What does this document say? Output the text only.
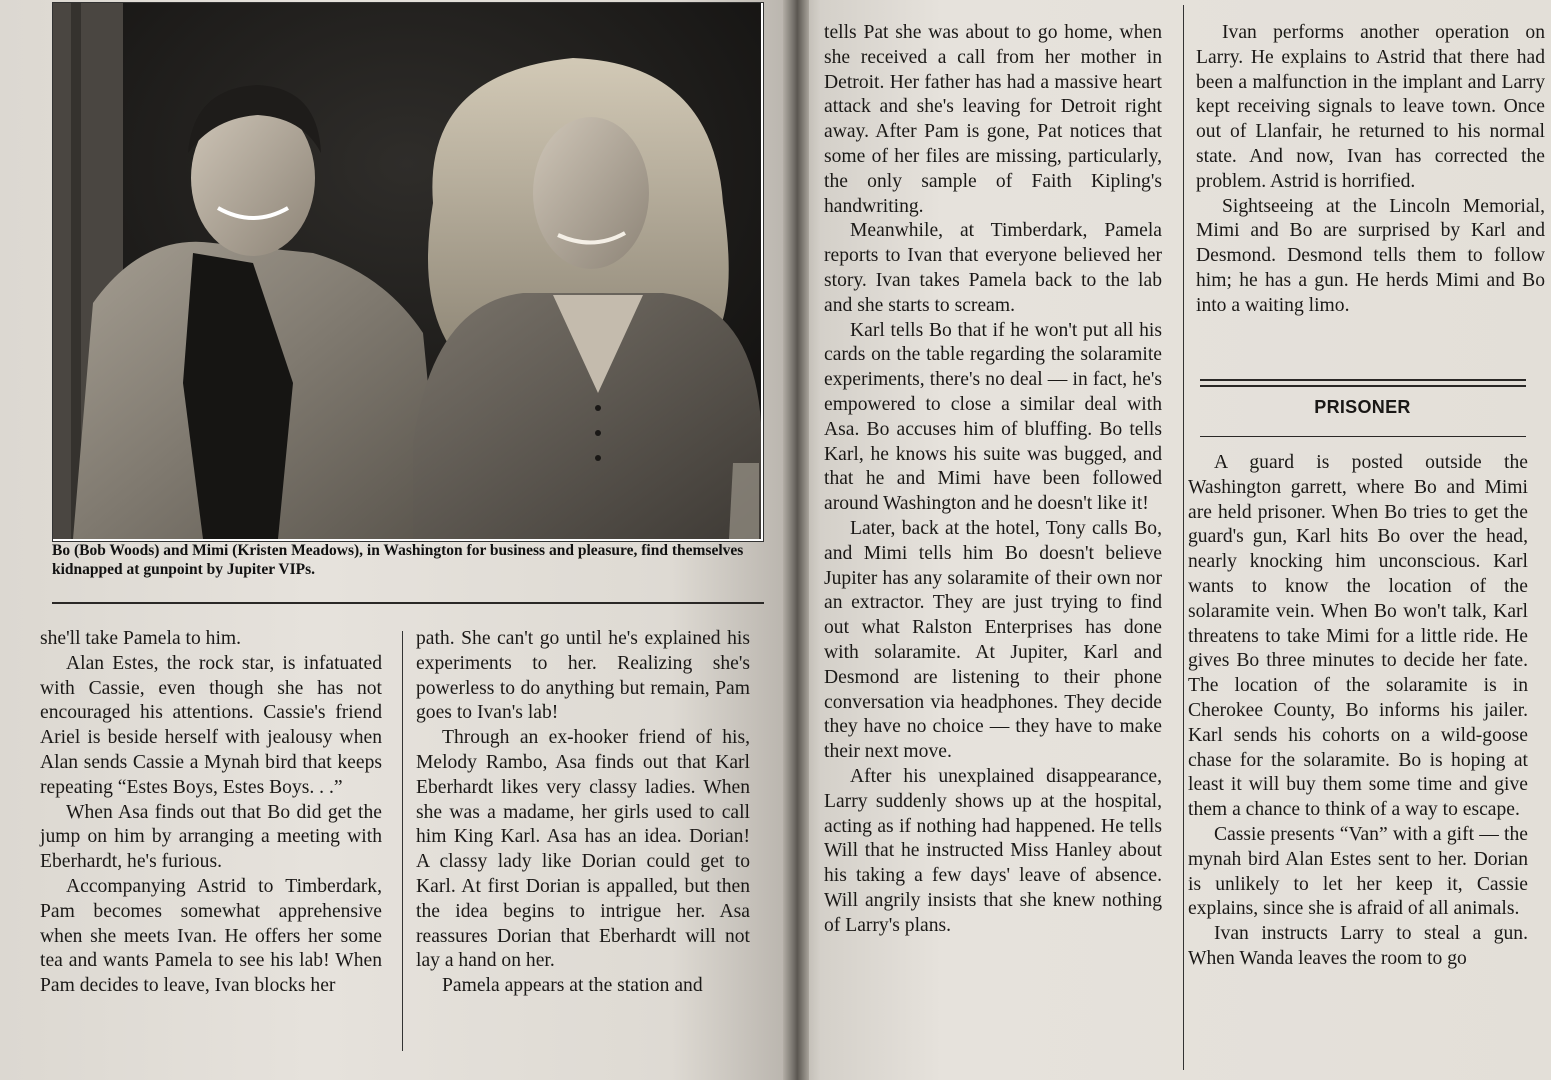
Bo (Bob Woods) and Mimi (Kristen Meadows), in Washington for business and pleasure, find themselves kidnapped at gunpoint by Jupiter VIPs.

she'll take Pamela to him.

Alan Estes, the rock star, is infatuated with Cassie, even though she has not encouraged his attentions. Cassie's friend Ariel is beside herself with jealousy when Alan sends Cassie a Mynah bird that keeps repeating “Estes Boys, Estes Boys. . .”

When Asa finds out that Bo did get the jump on him by arranging a meeting with Eberhardt, he's furious.

Accompanying Astrid to Timberdark, Pam becomes somewhat apprehensive when she meets Ivan. He offers her some tea and wants Pamela to see his lab! When Pam decides to leave, Ivan blocks her

path. She can't go until he's explained his experiments to her. Realizing she's powerless to do anything but remain, Pam goes to Ivan's lab!

Through an ex-hooker friend of his, Melody Rambo, Asa finds out that Karl Eberhardt likes very classy ladies. When she was a madame, her girls used to call him King Karl. Asa has an idea. Dorian! A classy lady like Dorian could get to Karl. At first Dorian is appalled, but then the idea begins to intrigue her. Asa reassures Dorian that Eberhardt will not lay a hand on her.

Pamela appears at the station and

tells Pat she was about to go home, when she received a call from her mother in Detroit. Her father has had a massive heart attack and she's leaving for Detroit right away. After Pam is gone, Pat notices that some of her files are missing, particularly, the only sample of Faith Kipling's handwriting.

Meanwhile, at Timberdark, Pamela reports to Ivan that everyone believed her story. Ivan takes Pamela back to the lab and she starts to scream.

Karl tells Bo that if he won't put all his cards on the table regarding the solaramite experiments, there's no deal — in fact, he's empowered to close a similar deal with Asa. Bo accuses him of bluffing. Bo tells Karl, he knows his suite was bugged, and that he and Mimi have been followed around Washington and he doesn't like it!

Later, back at the hotel, Tony calls Bo, and Mimi tells him Bo doesn't believe Jupiter has any solaramite of their own nor an extractor. They are just trying to find out what Ralston Enterprises has done with solaramite. At Jupiter, Karl and Desmond are listening to their phone conversation via headphones. They decide they have no choice — they have to make their next move.

After his unexplained disappearance, Larry suddenly shows up at the hospital, acting as if nothing had happened. He tells Will that he instructed Miss Hanley about his taking a few days' leave of absence. Will angrily insists that she knew nothing of Larry's plans.

Ivan performs another operation on Larry. He explains to Astrid that there had been a malfunction in the implant and Larry kept receiving signals to leave town. Once out of Llanfair, he returned to his normal state. And now, Ivan has corrected the problem. Astrid is horrified.

Sightseeing at the Lincoln Memorial, Mimi and Bo are surprised by Karl and Desmond. Desmond tells them to follow him; he has a gun. He herds Mimi and Bo into a waiting limo.

PRISONER

A guard is posted outside the Washington garrett, where Bo and Mimi are held prisoner. When Bo tries to get the guard's gun, Karl hits Bo over the head, nearly knocking him unconscious. Karl wants to know the location of the solaramite vein. When Bo won't talk, Karl threatens to take Mimi for a little ride. He gives Bo three minutes to decide her fate. The location of the solaramite is in Cherokee County, Bo informs his jailer. Karl sends his cohorts on a wild-goose chase for the solaramite. Bo is hoping at least it will buy them some time and give them a chance to think of a way to escape.

Cassie presents “Van” with a gift — the mynah bird Alan Estes sent to her. Dorian is unlikely to let her keep it, Cassie explains, since she is afraid of all animals.

Ivan instructs Larry to steal a gun. When Wanda leaves the room to go
